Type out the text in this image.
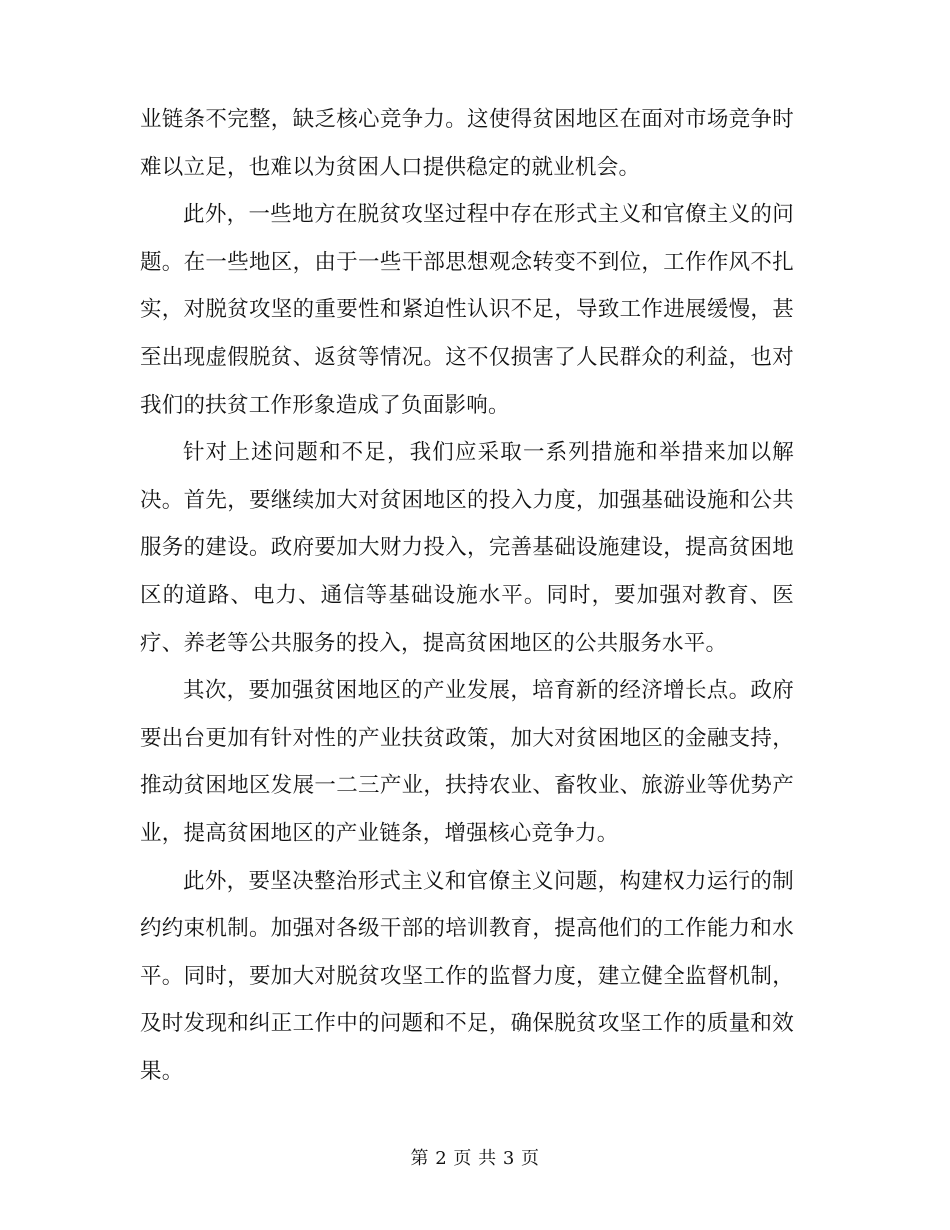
业链条不完整，缺乏核心竞争力。这使得贫困地区在面对市场竞争时难以立足，也难以为贫困人口提供稳定的就业机会。

此外，一些地方在脱贫攻坚过程中存在形式主义和官僚主义的问题。在一些地区，由于一些干部思想观念转变不到位，工作作风不扎实，对脱贫攻坚的重要性和紧迫性认识不足，导致工作进展缓慢，甚至出现虚假脱贫、返贫等情况。这不仅损害了人民群众的利益，也对我们的扶贫工作形象造成了负面影响。

针对上述问题和不足，我们应采取一系列措施和举措来加以解决。首先，要继续加大对贫困地区的投入力度，加强基础设施和公共服务的建设。政府要加大财力投入，完善基础设施建设，提高贫困地区的道路、电力、通信等基础设施水平。同时，要加强对教育、医疗、养老等公共服务的投入，提高贫困地区的公共服务水平。

其次，要加强贫困地区的产业发展，培育新的经济增长点。政府要出台更加有针对性的产业扶贫政策，加大对贫困地区的金融支持，推动贫困地区发展一二三产业，扶持农业、畜牧业、旅游业等优势产业，提高贫困地区的产业链条，增强核心竞争力。

此外，要坚决整治形式主义和官僚主义问题，构建权力运行的制约约束机制。加强对各级干部的培训教育，提高他们的工作能力和水平。同时，要加大对脱贫攻坚工作的监督力度，建立健全监督机制，及时发现和纠正工作中的问题和不足，确保脱贫攻坚工作的质量和效果。

第 2 页 共 3 页
